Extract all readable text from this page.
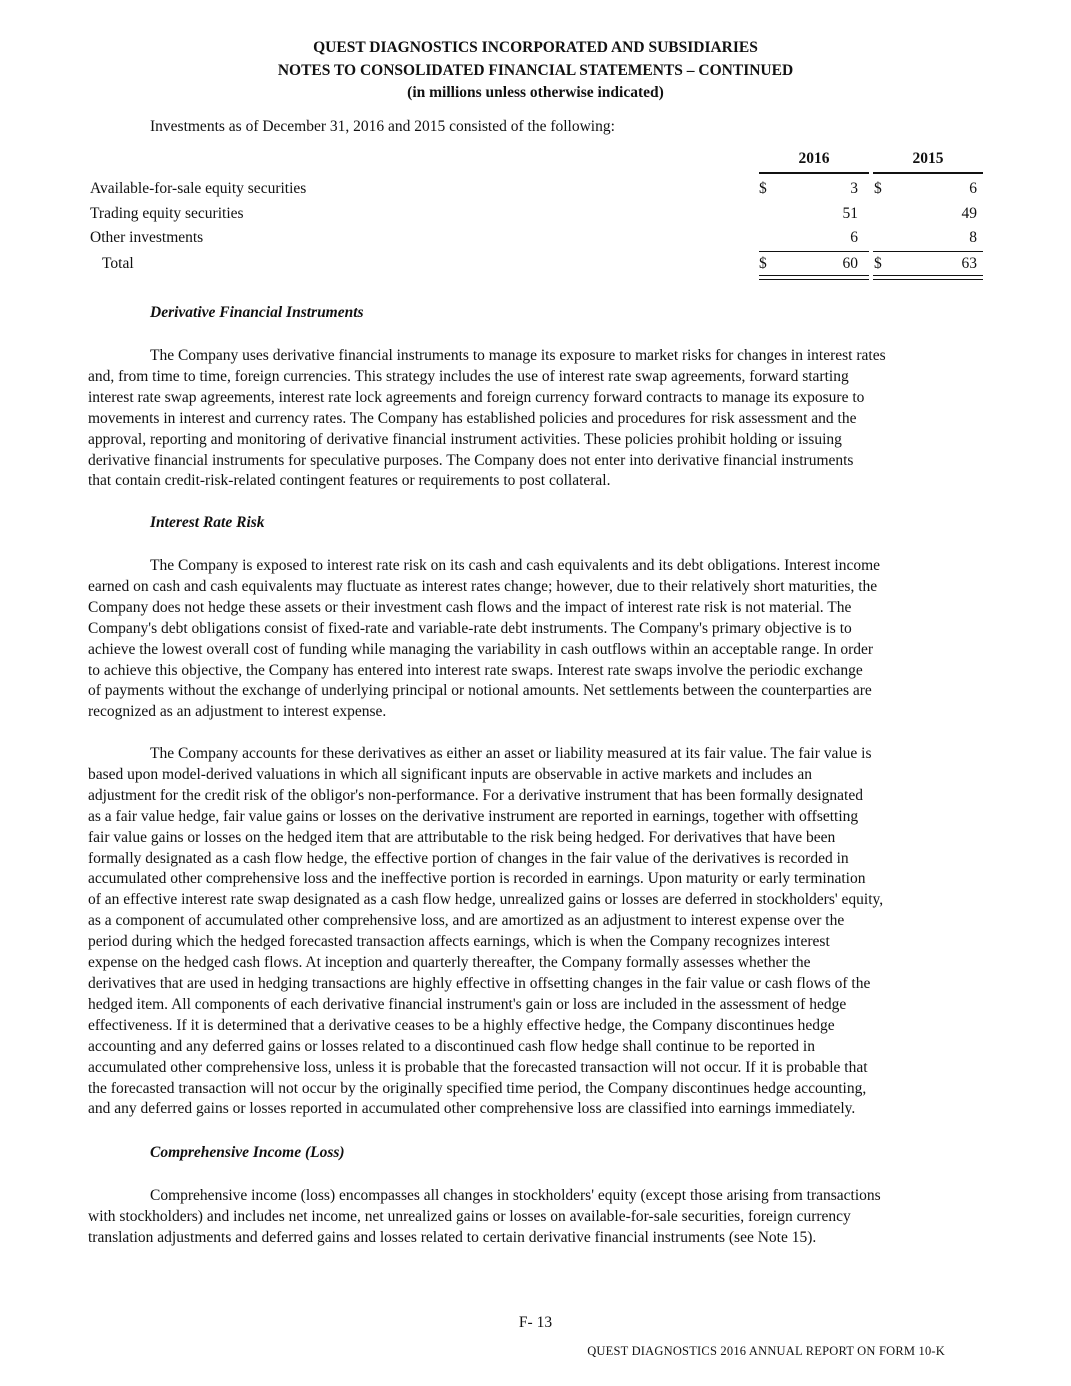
QUEST DIAGNOSTICS INCORPORATED AND SUBSIDIARIES
NOTES TO CONSOLIDATED FINANCIAL STATEMENTS – CONTINUED
(in millions unless otherwise indicated)
Investments as of December 31, 2016 and 2015 consisted of the following:
2016	2015
Available-for-sale equity securities	$	3 $	6
Trading equity securities	51	49
Other investments	6	8
Total	$	60 $	63
Derivative Financial Instruments
The Company uses derivative financial instruments to manage its exposure to market risks for changes in interest rates
and, from time to time, foreign currencies. This strategy includes the use of interest rate swap agreements, forward starting
interest rate swap agreements, interest rate lock agreements and foreign currency forward contracts to manage its exposure to
movements in interest and currency rates. The Company has established policies and procedures for risk assessment and the
approval, reporting and monitoring of derivative financial instrument activities. These policies prohibit holding or issuing
derivative financial instruments for speculative purposes. The Company does not enter into derivative financial instruments
that contain credit-risk-related contingent features or requirements to post collateral.
Interest Rate Risk
The Company is exposed to interest rate risk on its cash and cash equivalents and its debt obligations. Interest income
earned on cash and cash equivalents may fluctuate as interest rates change; however, due to their relatively short maturities, the
Company does not hedge these assets or their investment cash flows and the impact of interest rate risk is not material. The
Company's debt obligations consist of fixed-rate and variable-rate debt instruments. The Company's primary objective is to
achieve the lowest overall cost of funding while managing the variability in cash outflows within an acceptable range. In order
to achieve this objective, the Company has entered into interest rate swaps. Interest rate swaps involve the periodic exchange
of payments without the exchange of underlying principal or notional amounts. Net settlements between the counterparties are
recognized as an adjustment to interest expense.
The Company accounts for these derivatives as either an asset or liability measured at its fair value. The fair value is
based upon model-derived valuations in which all significant inputs are observable in active markets and includes an
adjustment for the credit risk of the obligor's non-performance. For a derivative instrument that has been formally designated
as a fair value hedge, fair value gains or losses on the derivative instrument are reported in earnings, together with offsetting
fair value gains or losses on the hedged item that are attributable to the risk being hedged. For derivatives that have been
formally designated as a cash flow hedge, the effective portion of changes in the fair value of the derivatives is recorded in
accumulated other comprehensive loss and the ineffective portion is recorded in earnings. Upon maturity or early termination
of an effective interest rate swap designated as a cash flow hedge, unrealized gains or losses are deferred in stockholders' equity,
as a component of accumulated other comprehensive loss, and are amortized as an adjustment to interest expense over the
period during which the hedged forecasted transaction affects earnings, which is when the Company recognizes interest
expense on the hedged cash flows. At inception and quarterly thereafter, the Company formally assesses whether the
derivatives that are used in hedging transactions are highly effective in offsetting changes in the fair value or cash flows of the
hedged item. All components of each derivative financial instrument's gain or loss are included in the assessment of hedge
effectiveness. If it is determined that a derivative ceases to be a highly effective hedge, the Company discontinues hedge
accounting and any deferred gains or losses related to a discontinued cash flow hedge shall continue to be reported in
accumulated other comprehensive loss, unless it is probable that the forecasted transaction will not occur. If it is probable that
the forecasted transaction will not occur by the originally specified time period, the Company discontinues hedge accounting,
and any deferred gains or losses reported in accumulated other comprehensive loss are classified into earnings immediately.
Comprehensive Income (Loss)
Comprehensive income (loss) encompasses all changes in stockholders' equity (except those arising from transactions
with stockholders) and includes net income, net unrealized gains or losses on available-for-sale securities, foreign currency
translation adjustments and deferred gains and losses related to certain derivative financial instruments (see Note 15).
F- 13
QUEST DIAGNOSTICS 2016 ANNUAL REPORT ON FORM 10-K
